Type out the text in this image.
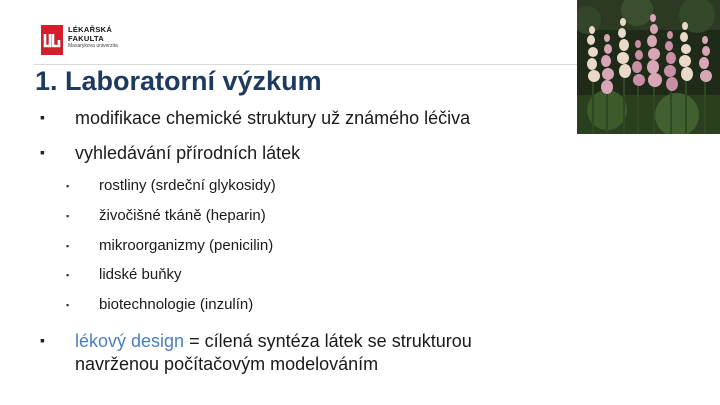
LÉKAŘSKÁ
FAKULTA
Masarykova univerzita
1. Laboratorní výzkum
▪ modifikace chemické struktury už známého léčiva
▪ vyhledávání přírodních látek
▪ rostliny (srdeční glykosidy)
▪ živočišné tkáně (heparin)
▪ mikroorganizmy (penicilin)
▪ lidské buňky
▪ biotechnologie (inzulín)
▪ lékový design = cílená syntéza látek se strukturou
navrženou počítačovým modelováním
